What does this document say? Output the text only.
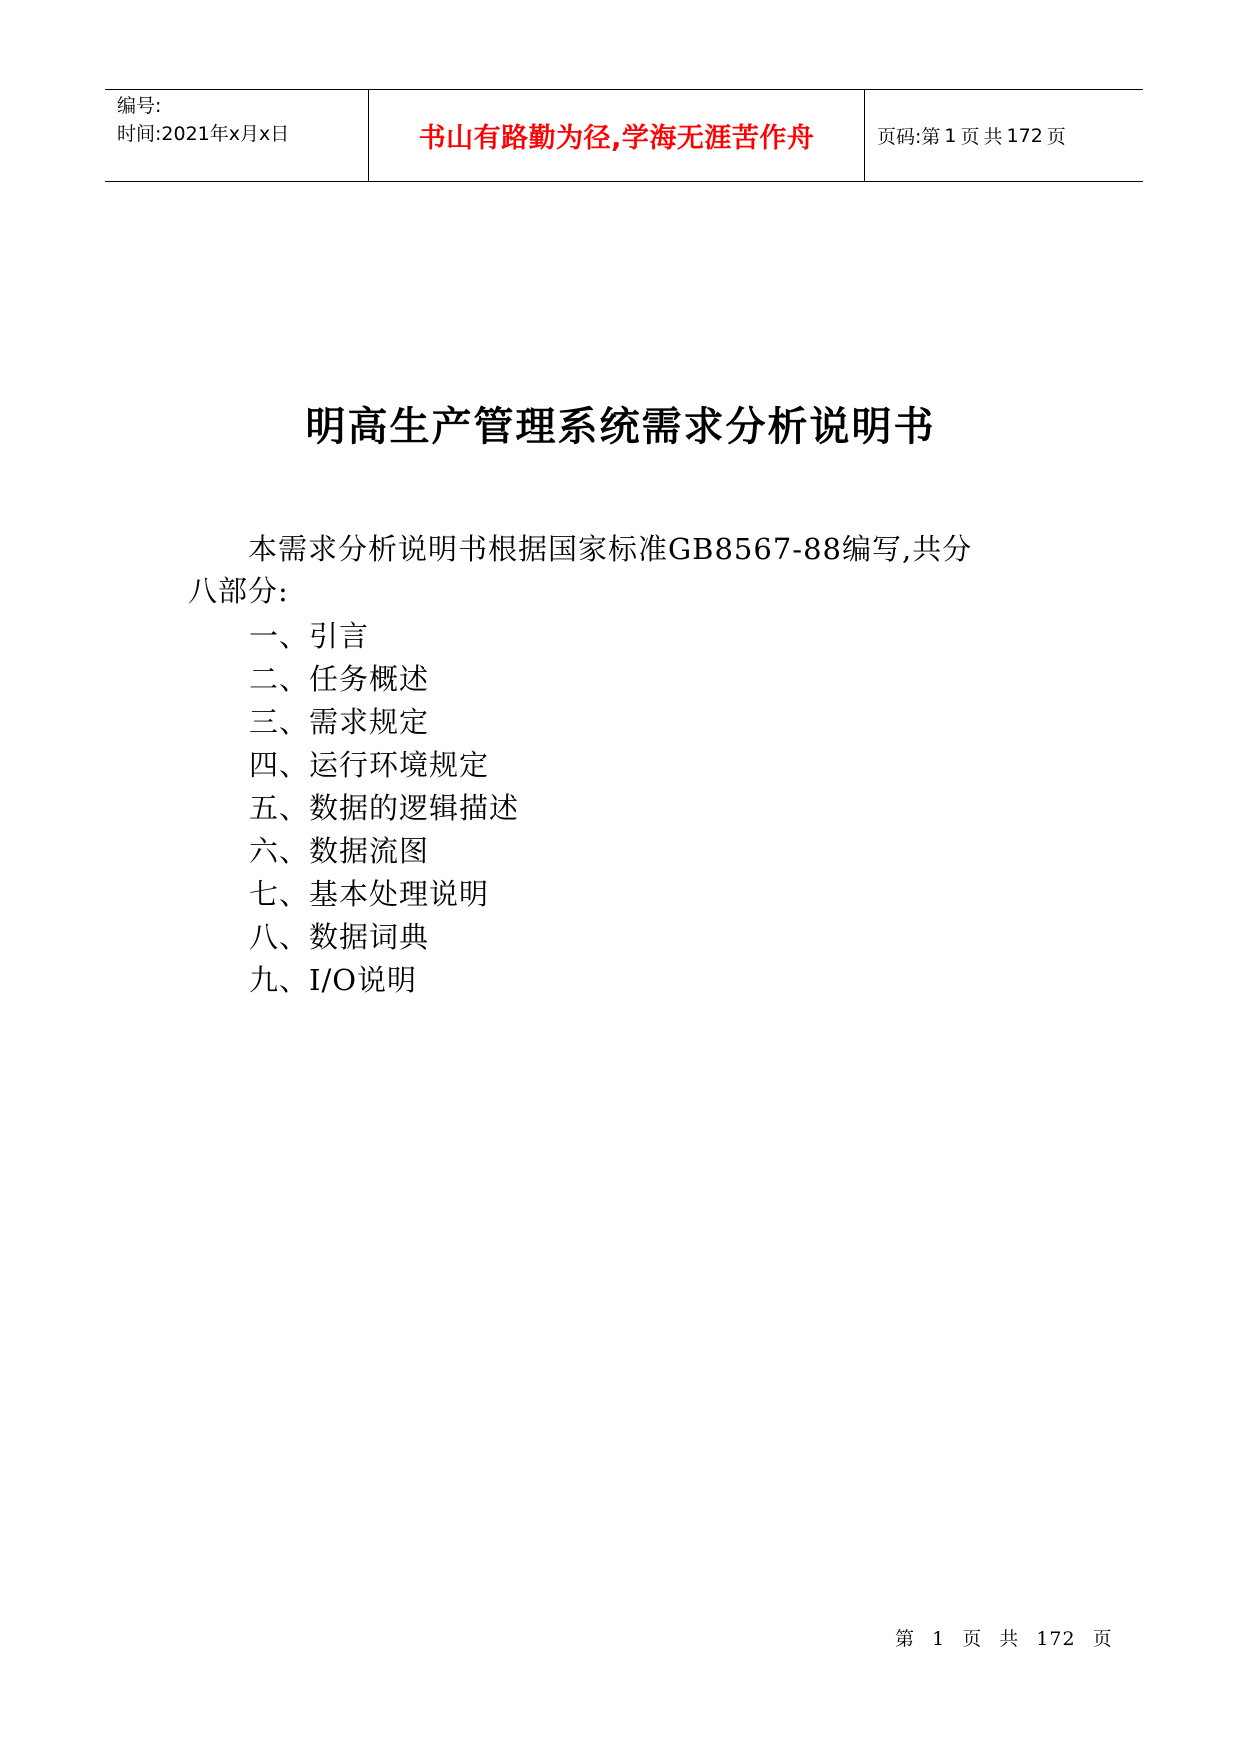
编号:
时间:2021年x月x日	书山有路勤为径,学海无涯苦作舟	页码:第 1 页 共 172 页
明高生产管理系统需求分析说明书
本需求分析说明书根据国家标准GB8567-88编写,共分
八部分:
一、引言
二、任务概述
三、需求规定
四、运行环境规定
五、数据的逻辑描述
六、数据流图
七、基本处理说明
八、数据词典
九、I/O说明
第 1 页 共 172 页
